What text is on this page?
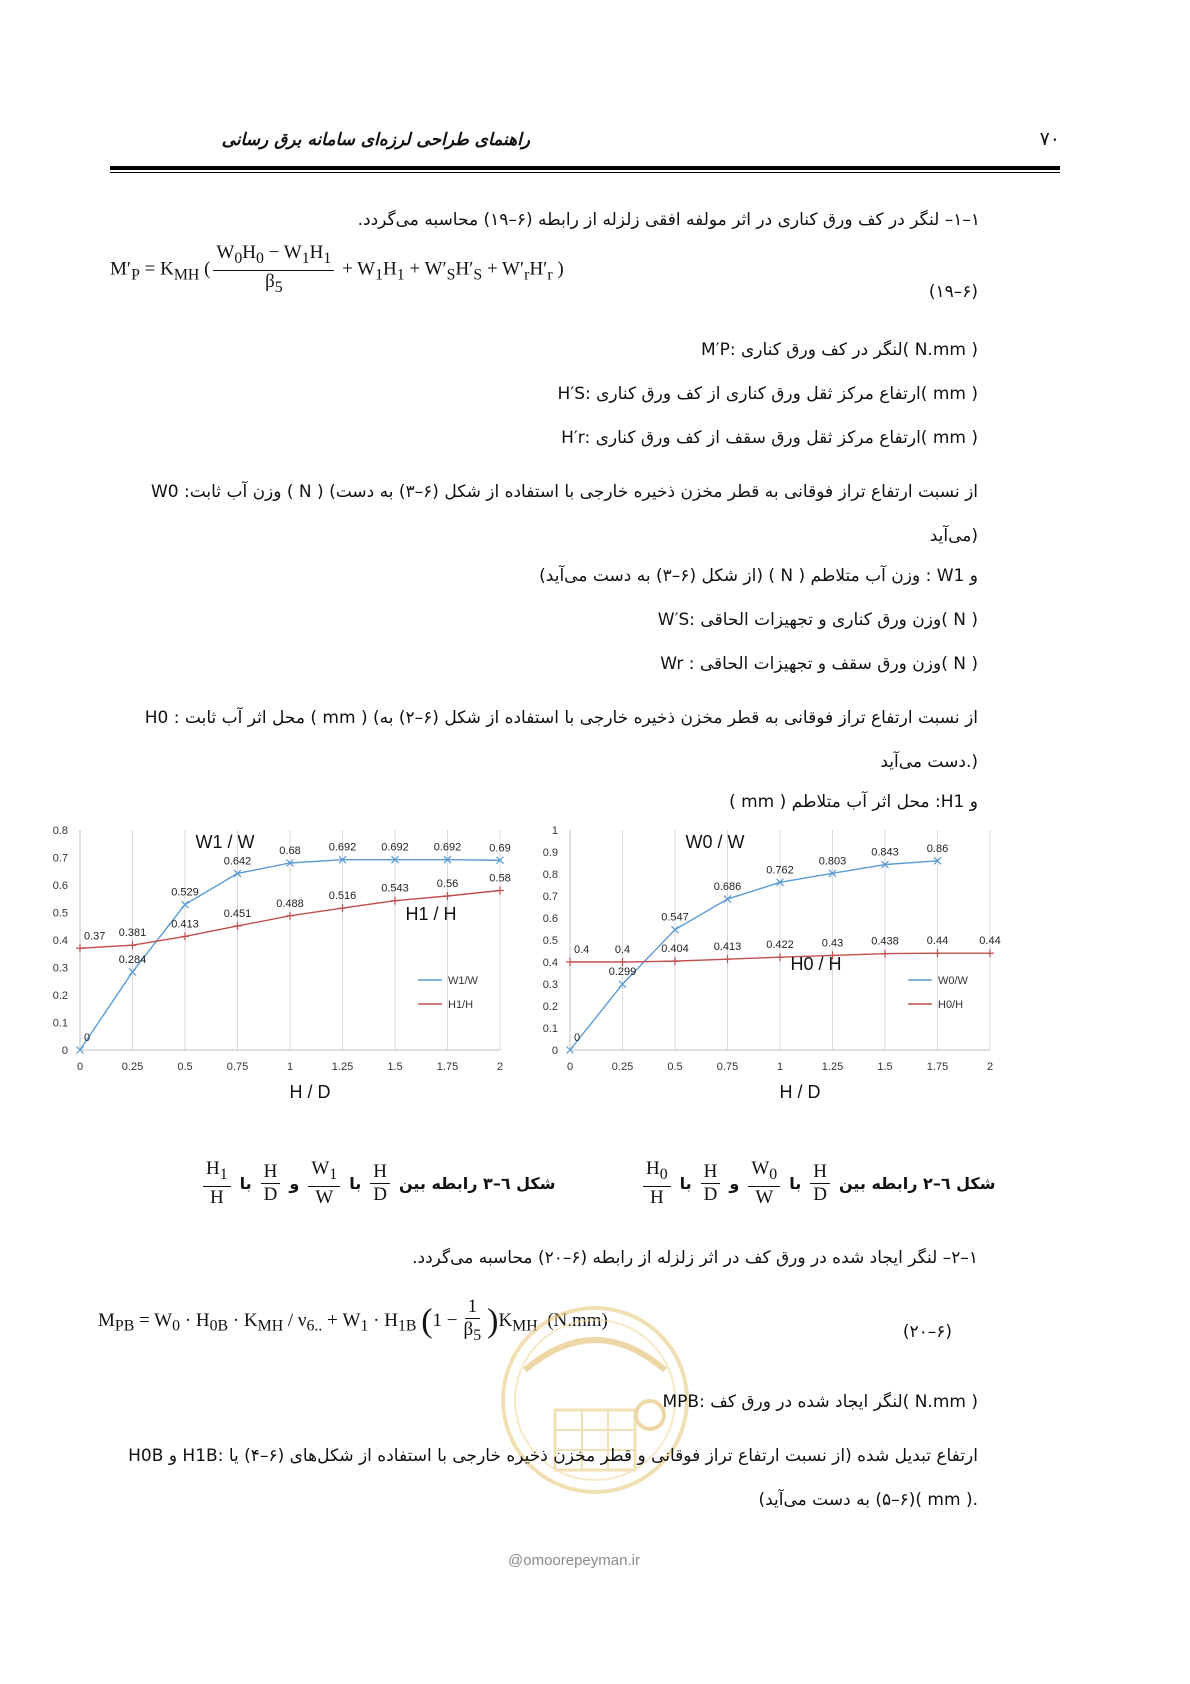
راهنمای طراحی لرزه‌ای سامانه برق رسانی	۷۰
۱–۱– لنگر در کف ورق کناری در اثر مولفه افقی زلزله از رابطه (۶–۱۹) محاسبه می‌گردد.
$M'_P = K_{MH}$ ( $\frac{W_0H_0 - W_1H_1}{\beta_5} + W_1H_1 + W'_SH'_S + W'_rH'_r$ )
(۱۹–۶)
M′P: لنگر در کف ورق کناری( N.mm )
H′S: ارتفاع مرکز ثقل ورق کناری از کف ورق کناری( mm )
H′r: ارتفاع مرکز ثقل ورق سقف از کف ورق کناری( mm )
W0 :وزن آب ثابت ( N ) (از نسبت ارتفاع تراز فوقانی به قطر مخزن ذخیره خارجی با استفاده از شکل (۶–۳) به دست می‌آید)
و W1 : وزن آب متلاطم ( N ) (از شکل (۶–۳) به دست می‌آید)
W′S: وزن ورق کناری و تجهیزات الحاقی( N )
Wr : وزن ورق سقف و تجهیزات الحاقی( N )
H0 : محل اثر آب ثابت ( mm ) (از نسبت ارتفاع تراز فوقانی به قطر مخزن ذخیره خارجی با استفاده از شکل (۶–۲) به دست می‌آید.)
و H1: محل اثر آب متلاطم ( mm )
0	0.25	0.5	0.75	1	1.25	1.5	1.75	2
0
0.1
0.2
0.3
0.4
0.5
0.6
0.7
0.8
0
0.284
0.529
0.642
0.68	0.692 0.692 0.692	0.69
0.37 0.381
0.413
0.451
0.488
0.516
0.543	0.56	0.58
W1 / W
H1 / H
H / D
W1/W
H1/H
0	0.25	0.5	0.75	1	1.25	1.5	1.75	2
0
0.1
0.2
0.3
0.4
0.5
0.6
0.7
0.8
0.9
1
0
0.299
0.547
0.686
0.762
0.803
0.843	0.86
0.4 0.4	0.404 0.413 0.422	0.43	0.438	0.44	0.44
W0 / W
H0 / H
H / D
W0/W
H0/H
شکل ٦–۳ رابطه بین
$\frac{H}{D}$
با
$\frac{W_1}{W}$
و
$\frac{H}{D}$
با
$\frac{H_1}{H}$	شکل ٦–۲ رابطه بین
$\frac{H}{D}$
با
$\frac{W_0}{W}$
و
$\frac{H}{D}$
با
$\frac{H_0}{H}$
۱–۲– لنگر ایجاد شده در ورق کف در اثر زلزله از رابطه (۶–۲۰) محاسبه می‌گردد.
$M_{PB} = W_0 \cdot H_{0B} \cdot K_{MH} / \nu_{6..} + W_1 \cdot H_{1B}$ $(1 - \frac{1}{\beta_5} )K_{MH}$ (N.mm)
(۲۰–۶)
MPB: لنگر ایجاد شده در ورق کف( N.mm )
H0B و H1B: ارتفاع تبدیل شده (از نسبت ارتفاع تراز فوقانی و قطر مخزن ذخیره خارجی با استفاده از شکل‌های (۶–۴) یا (۶–۵) به دست می‌آید)( mm ).
@omoorepeyman.ir
